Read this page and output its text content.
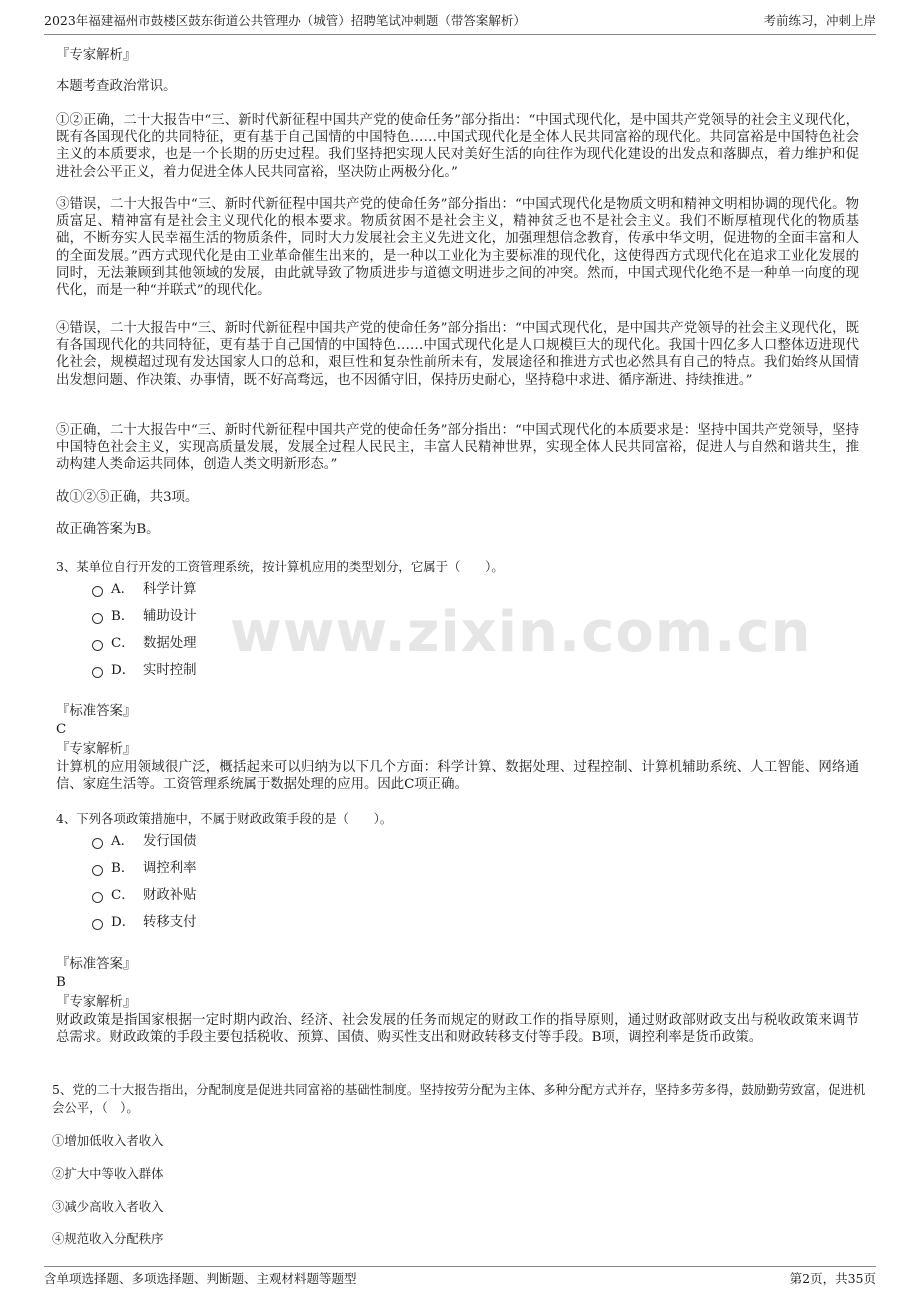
2023年福建福州市鼓楼区鼓东街道公共管理办（城管）招聘笔试冲刺题（带答案解析）	考前练习，冲刺上岸
www.zixin.com.cn

『专家解析』

本题考查政治常识。

①②正确，二十大报告中“三、新时代新征程中国共产党的使命任务”部分指出：“中国式现代化，是中国共产党领导的社会主义现代化，既有各国现代化的共同特征，更有基于自己国情的中国特色……中国式现代化是全体人民共同富裕的现代化。共同富裕是中国特色社会主义的本质要求，也是一个长期的历史过程。我们坚持把实现人民对美好生活的向往作为现代化建设的出发点和落脚点，着力维护和促进社会公平正义，着力促进全体人民共同富裕，坚决防止两极分化。”

③错误，二十大报告中“三、新时代新征程中国共产党的使命任务”部分指出：“中国式现代化是物质文明和精神文明相协调的现代化。物质富足、精神富有是社会主义现代化的根本要求。物质贫困不是社会主义，精神贫乏也不是社会主义。我们不断厚植现代化的物质基础，不断夯实人民幸福生活的物质条件，同时大力发展社会主义先进文化，加强理想信念教育，传承中华文明，促进物的全面丰富和人的全面发展。”西方式现代化是由工业革命催生出来的，是一种以工业化为主要标准的现代化，这使得西方式现代化在追求工业化发展的同时，无法兼顾到其他领域的发展，由此就导致了物质进步与道德文明进步之间的冲突。然而，中国式现代化绝不是一种单一向度的现代化，而是一种“并联式”的现代化。

④错误，二十大报告中“三、新时代新征程中国共产党的使命任务”部分指出：“中国式现代化，是中国共产党领导的社会主义现代化，既有各国现代化的共同特征，更有基于自己国情的中国特色……中国式现代化是人口规模巨大的现代化。我国十四亿多人口整体迈进现代化社会，规模超过现有发达国家人口的总和，艰巨性和复杂性前所未有，发展途径和推进方式也必然具有自己的特点。我们始终从国情出发想问题、作决策、办事情，既不好高骛远，也不因循守旧，保持历史耐心，坚持稳中求进、循序渐进、持续推进。”

⑤正确，二十大报告中“三、新时代新征程中国共产党的使命任务”部分指出：“中国式现代化的本质要求是：坚持中国共产党领导，坚持中国特色社会主义，实现高质量发展，发展全过程人民民主，丰富人民精神世界，实现全体人民共同富裕，促进人与自然和谐共生，推动构建人类命运共同体，创造人类文明新形态。”

故①②⑤正确，共3项。

故正确答案为B。

3、某单位自行开发的工资管理系统，按计算机应用的类型划分，它属于（　　）。

A． 科学计算
B． 辅助设计
C． 数据处理
D． 实时控制

『标准答案』

C

『专家解析』

计算机的应用领域很广泛，概括起来可以归纳为以下几个方面：科学计算、数据处理、过程控制、计算机辅助系统、人工智能、网络通信、家庭生活等。工资管理系统属于数据处理的应用。因此C项正确。

4、下列各项政策措施中，不属于财政政策手段的是（　　）。

A． 发行国债
B． 调控利率
C． 财政补贴
D． 转移支付

『标准答案』

B

『专家解析』

财政政策是指国家根据一定时期内政治、经济、社会发展的任务而规定的财政工作的指导原则，通过财政部财政支出与税收政策来调节总需求。财政政策的手段主要包括税收、预算、国债、购买性支出和财政转移支付等手段。B项，调控利率是货币政策。

5、党的二十大报告指出，分配制度是促进共同富裕的基础性制度。坚持按劳分配为主体、多种分配方式并存，坚持多劳多得，鼓励勤劳致富，促进机会公平，（　）。

①增加低收入者收入
②扩大中等收入群体
③减少高收入者收入
④规范收入分配秩序
含单项选择题、多项选择题、判断题、主观材料题等题型	第2页，共35页
